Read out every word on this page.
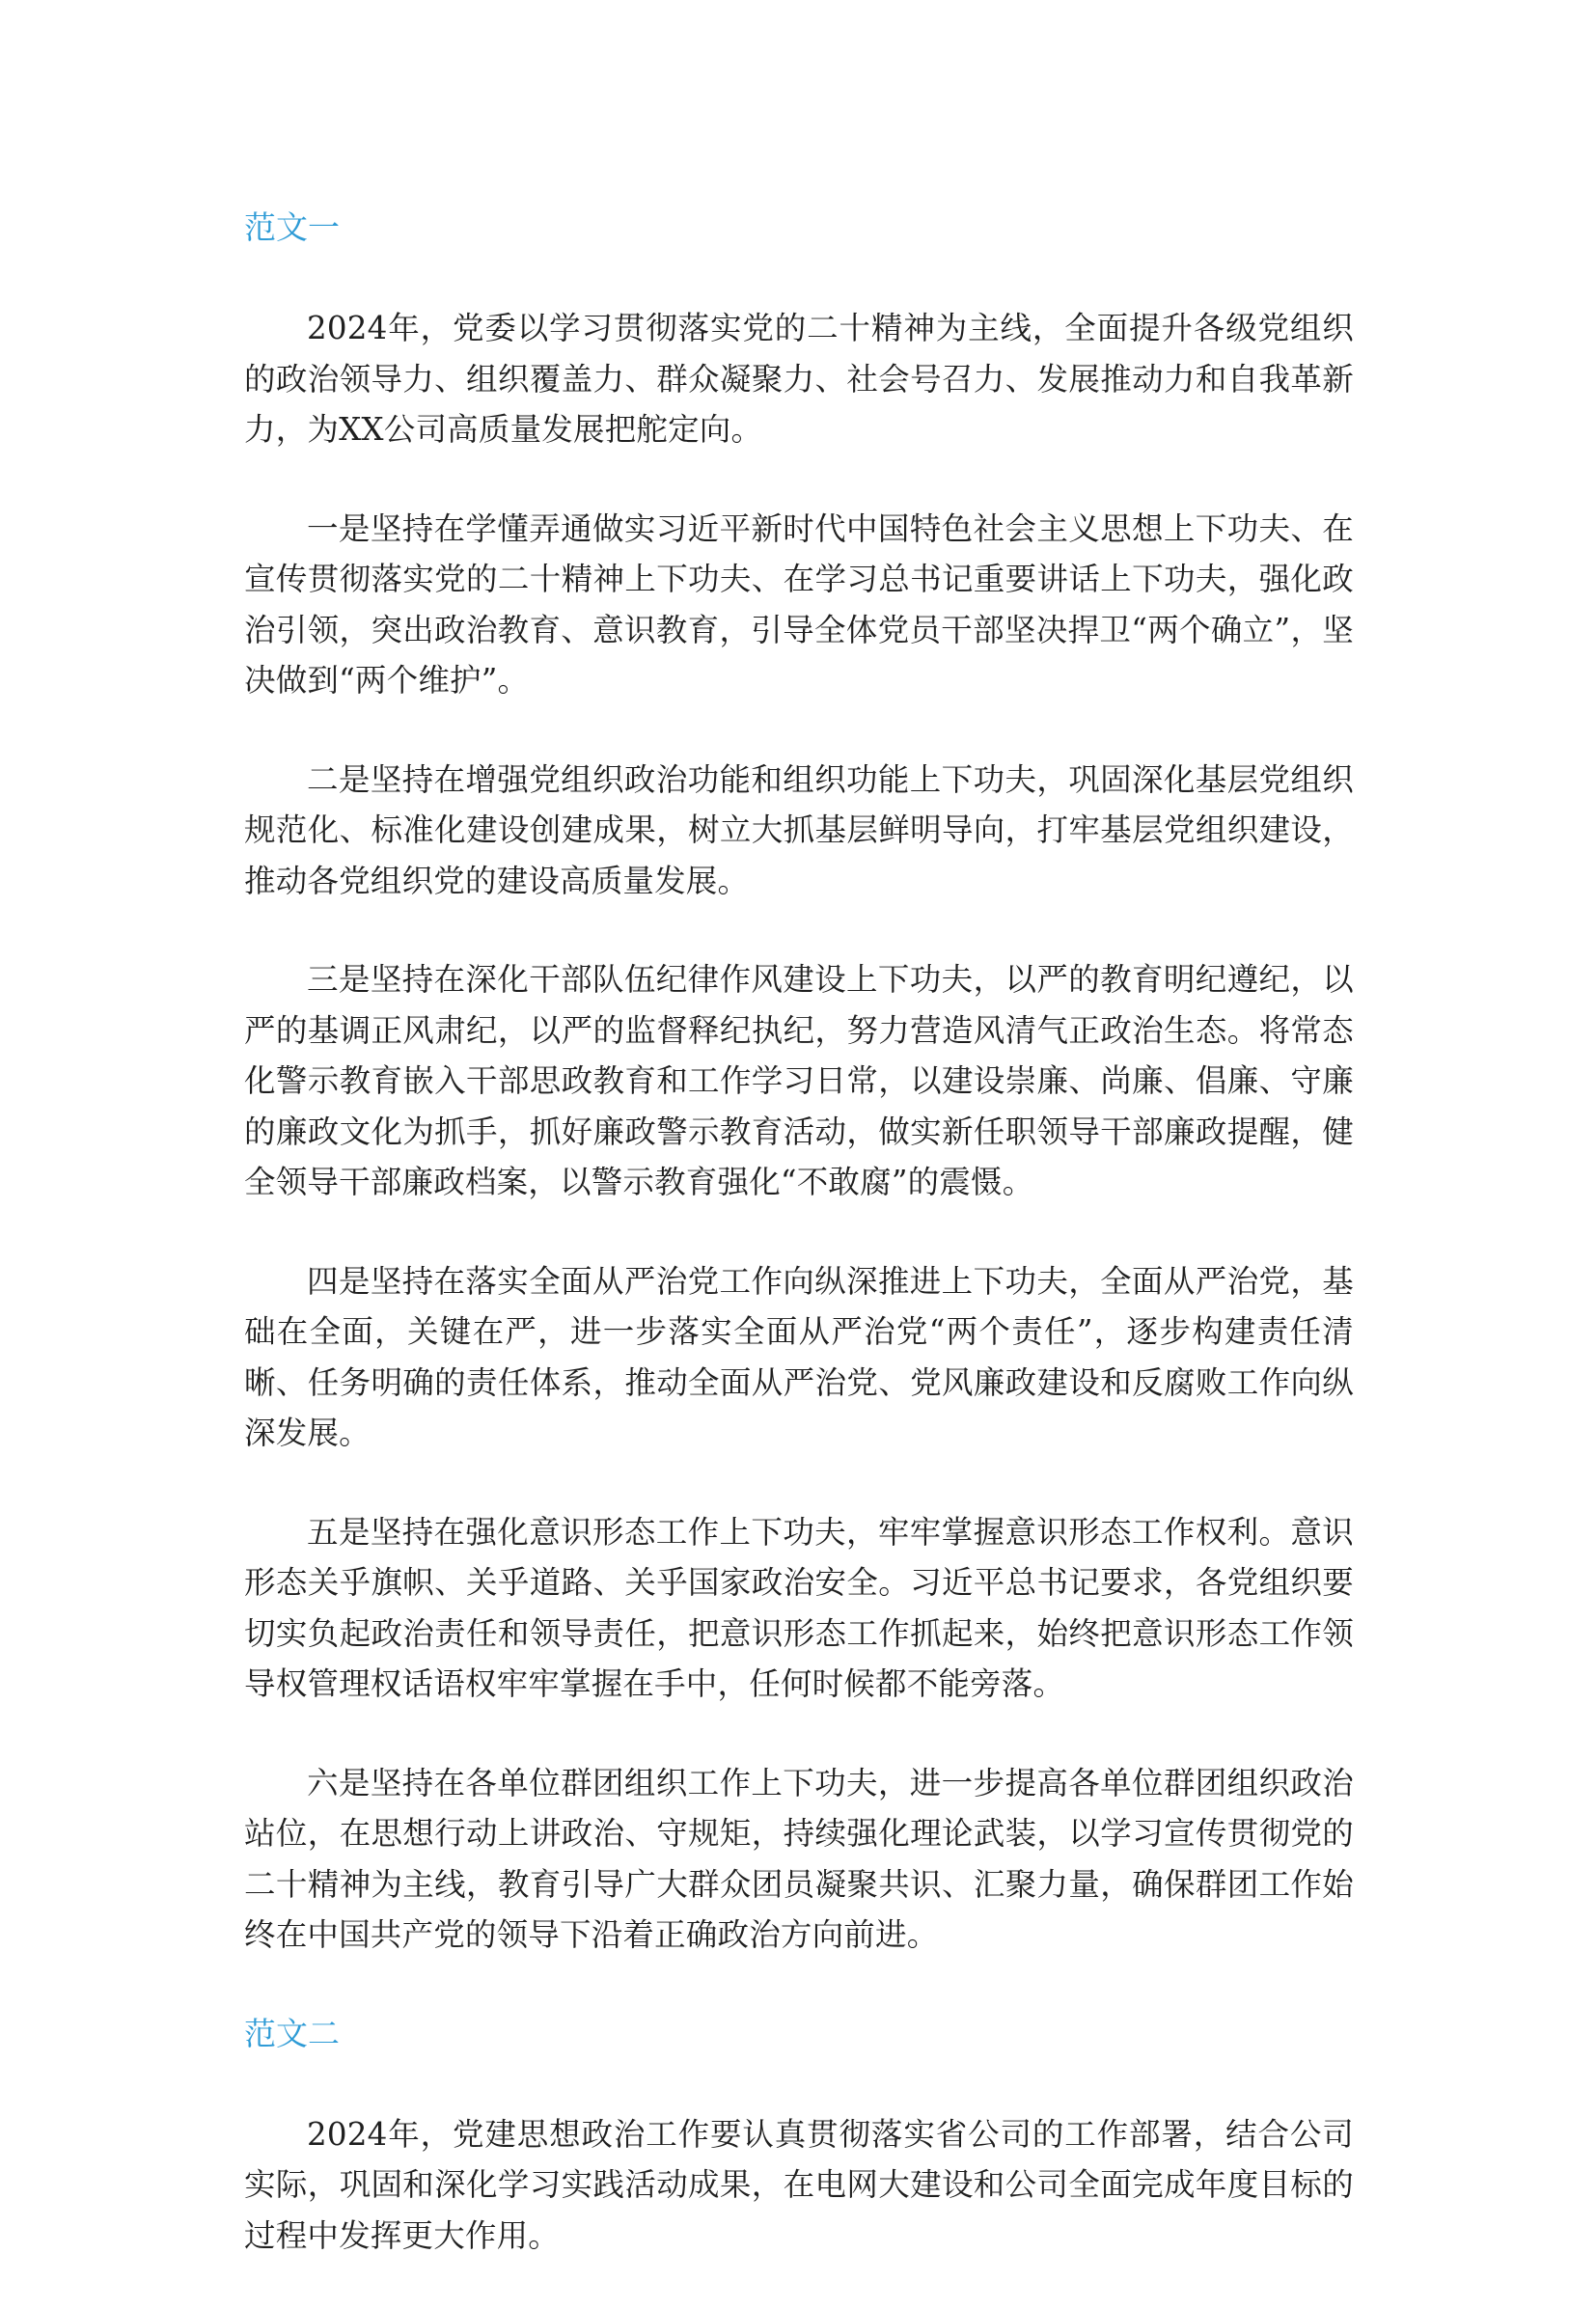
范文一

2024年，党委以学习贯彻落实党的二十精神为主线，全面提升各级党组织的政治领导力、组织覆盖力、群众凝聚力、社会号召力、发展推动力和自我革新力，为XX公司高质量发展把舵定向。

一是坚持在学懂弄通做实习近平新时代中国特色社会主义思想上下功夫、在宣传贯彻落实党的二十精神上下功夫、在学习总书记重要讲话上下功夫，强化政治引领，突出政治教育、意识教育，引导全体党员干部坚决捍卫“两个确立”，坚决做到“两个维护”。

二是坚持在增强党组织政治功能和组织功能上下功夫，巩固深化基层党组织规范化、标准化建设创建成果，树立大抓基层鲜明导向，打牢基层党组织建设，推动各党组织党的建设高质量发展。

三是坚持在深化干部队伍纪律作风建设上下功夫，以严的教育明纪遵纪，以严的基调正风肃纪，以严的监督释纪执纪，努力营造风清气正政治生态。将常态化警示教育嵌入干部思政教育和工作学习日常，以建设崇廉、尚廉、倡廉、守廉的廉政文化为抓手，抓好廉政警示教育活动，做实新任职领导干部廉政提醒，健全领导干部廉政档案，以警示教育强化“不敢腐”的震慑。

四是坚持在落实全面从严治党工作向纵深推进上下功夫，全面从严治党，基础在全面，关键在严，进一步落实全面从严治党“两个责任”，逐步构建责任清晰、任务明确的责任体系，推动全面从严治党、党风廉政建设和反腐败工作向纵深发展。

五是坚持在强化意识形态工作上下功夫，牢牢掌握意识形态工作权利。意识形态关乎旗帜、关乎道路、关乎国家政治安全。习近平总书记要求，各党组织要切实负起政治责任和领导责任，把意识形态工作抓起来，始终把意识形态工作领导权管理权话语权牢牢掌握在手中，任何时候都不能旁落。

六是坚持在各单位群团组织工作上下功夫，进一步提高各单位群团组织政治站位，在思想行动上讲政治、守规矩，持续强化理论武装，以学习宣传贯彻党的二十精神为主线，教育引导广大群众团员凝聚共识、汇聚力量，确保群团工作始终在中国共产党的领导下沿着正确政治方向前进。

范文二

2024年，党建思想政治工作要认真贯彻落实省公司的工作部署，结合公司实际，巩固和深化学习实践活动成果，在电网大建设和公司全面完成年度目标的过程中发挥更大作用。
